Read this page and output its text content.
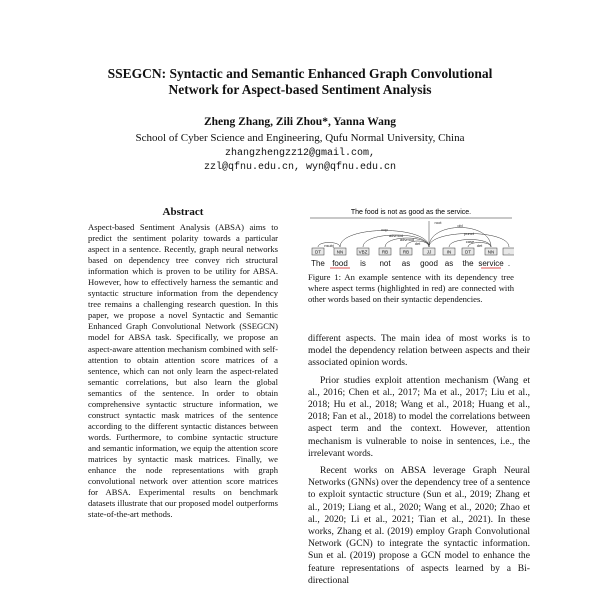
SSEGCN: Syntactic and Semantic Enhanced Graph Convolutional
Network for Aspect-based Sentiment Analysis
Zheng Zhang, Zili Zhou*, Yanna Wang
School of Cyber Science and Engineering, Qufu Normal University, China
zhangzhengzz12@gmail.com,
zzl@qfnu.edu.cn, wyn@qfnu.edu.cn
Abstract
Aspect-based Sentiment Analysis (ABSA) aims to predict the sentiment polarity towards a particular aspect in a sentence. Recently, graph neural networks based on dependency tree convey rich structural information which is proven to be utility for ABSA. However, how to effectively harness the semantic and syntactic structure information from the dependency tree remains a challenging research question. In this paper, we propose a novel Syntactic and Semantic Enhanced Graph Convolutional Network (SSEGCN) model for ABSA task. Specifically, we propose an aspect-aware attention mechanism combined with self-attention to obtain attention score matrices of a sentence, which can not only learn the aspect-related semantic correlations, but also learn the global semantics of the sentence. In order to obtain comprehensive syntactic structure information, we construct syntactic mask matrices of the sentence according to the different syntactic distances between words. Furthermore, to combine syntactic structure and semantic information, we equip the attention score matrices by syntactic mask matrices. Finally, we enhance the node representations with graph convolutional network over attention score matrices for ABSA. Experimental results on benchmark datasets illustrate that our proposed model outperforms state-of-the-art methods.
The food is not as good as the service.
nsubj
cop
advmod
advmod
det	case
det
punct
root
obl
DT	NN	VBZ	RB	RB	JJ	IN	DT	NN	.
The food is not as good as the service .
Figure 1: An example sentence with its dependency tree where aspect terms (highlighted in red) are connected with other words based on their syntactic dependencies.

different aspects. The main idea of most works is to model the dependency relation between aspects and their associated opinion words.

Prior studies exploit attention mechanism (Wang et al., 2016; Chen et al., 2017; Ma et al., 2017; Liu et al., 2018; Hu et al., 2018; Wang et al., 2018; Huang et al., 2018; Fan et al., 2018) to model the correlations between aspect term and the context. However, attention mechanism is vulnerable to noise in sentences, i.e., the irrelevant words.

Recent works on ABSA leverage Graph Neural Networks (GNNs) over the dependency tree of a sentence to exploit syntactic structure (Sun et al., 2019; Zhang et al., 2019; Liang et al., 2020; Wang et al., 2020; Zhao et al., 2020; Li et al., 2021; Tian et al., 2021). In these works, Zhang et al. (2019) employ Graph Convolutional Network (GCN) to integrate the syntactic information. Sun et al. (2019) propose a GCN model to enhance the feature representations of aspects learned by a Bi-directional
